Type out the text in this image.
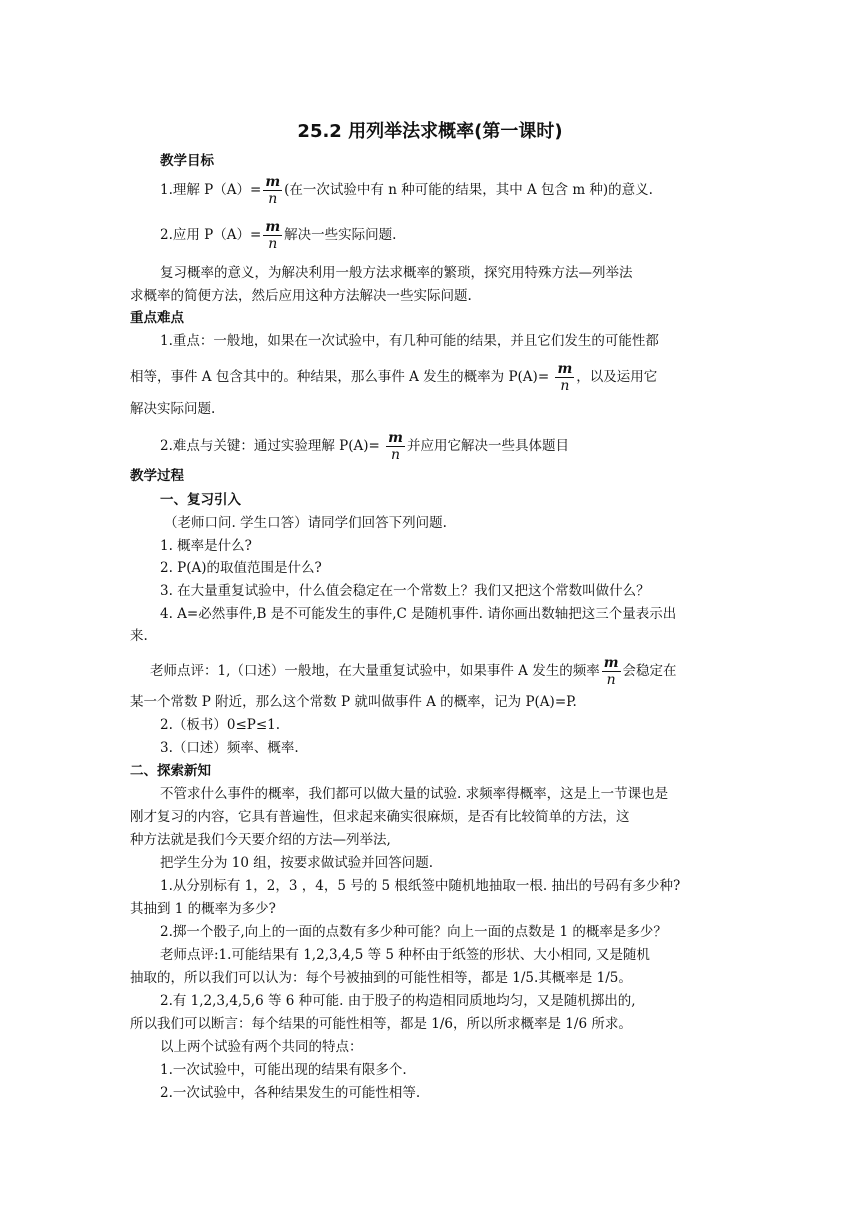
25.2 用列举法求概率(第一课时)
教学目标
1.理解 $P(A)= \frac{m}{n}$ (在一次试验中有 n 种可能的结果，其中 A 包含 m 种)的意义.
2.应用 $P(A)= \frac{m}{n}$ 解决一些实际问题.
复习概率的意义，为解决利用一般方法求概率的繁琐，探究用特殊方法—列举法
求概率的简便方法，然后应用这种方法解决一些实际问题.
重点难点
1.重点：一般地，如果在一次试验中，有几种可能的结果，并且它们发生的可能性都
相等，事件 A 包含其中的。种结果，那么事件 A 发生的概率为 $P(A)= \frac{m}{n}$ ，以及运用它
解决实际问题.
2.难点与关键：通过实验理解 $P(A)= \frac{m}{n}$ 并应用它解决一些具体题目
教学过程
一、复习引入
（老师口问. 学生口答）请同学们回答下列问题.
1. 概率是什么?
2. P(A)的取值范围是什么?
3. 在大量重复试验中，什么值会稳定在一个常数上？我们又把这个常数叫做什么？
4. A=必然事件,B 是不可能发生的事件,C 是随机事件. 请你画出数轴把这三个量表示出
来.
老师点评：1,（口述）一般地，在大量重复试验中，如果事件 A 发生的频率 $\frac{m}{n}$ 会稳定在
某一个常数 P 附近，那么这个常数 P 就叫做事件 A 的概率，记为 P(A)=P.
2.（板书）0≤P≤1.
3.（口述）频率、概率.
二、探索新知
不管求什么事件的概率，我们都可以做大量的试验. 求频率得概率，这是上一节课也是
刚才复习的内容，它具有普遍性，但求起来确实很麻烦，是否有比较简单的方法，这
种方法就是我们今天要介绍的方法—列举法,
把学生分为 10 组，按要求做试验并回答问题.
1.从分别标有 1，2，3 ，4，5 号的 5 根纸签中随机地抽取一根. 抽出的号码有多少种?
其抽到 1 的概率为多少?
2.掷一个骰子,向上的一面的点数有多少种可能？向上一面的点数是 1 的概率是多少？
老师点评:1.可能结果有 1,2,3,4,5 等 5 种杯由于纸签的形状、大小相同, 又是随机
抽取的，所以我们可以认为：每个号被抽到的可能性相等，都是 1/5.其概率是 1/5。
2.有 1,2,3,4,5,6 等 6 种可能. 由于股子的构造相同质地均匀，又是随机掷出的,
所以我们可以断言：每个结果的可能性相等，都是 1/6，所以所求概率是 1/6 所求。
以上两个试验有两个共同的特点：
1.一次试验中，可能出现的结果有限多个.
2.一次试验中，各种结果发生的可能性相等.
